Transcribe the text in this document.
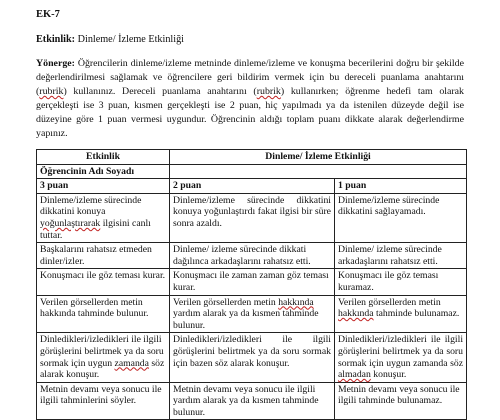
EK-7
Etkinlik: Dinleme/ İzleme Etkinliği
Yönerge: Öğrencilerin dinleme/izleme metninde dinleme/izleme ve konuşma becerilerini doğru bir şekilde değerlendirilmesi sağlamak ve öğrencilere geri bildirim vermek için bu dereceli puanlama anahtarını (rubrik) kullanınız. Dereceli puanlama anahtarını (rubrik) kullanırken; öğrenme hedefi tam olarak gerçekleşti ise 3 puan, kısmen gerçekleşti ise 2 puan, hiç yapılmadı ya da istenilen düzeyde değil ise düzeyine göre 1 puan vermesi uygundur. Öğrencinin aldığı toplam puanı dikkate alarak değerlendirme yapınız.
Etkinlik	Dinleme/ İzleme Etkinliği	
Öğrencinin Adı Soyadı		
3 puan	2 puan	1 puan
Dinleme/izleme sürecinde dikkatini konuya yoğunlaştırarak ilgisini canlı tuttar.	Dinleme/izleme sürecinde dikkatini konuya yoğunlaştırdı fakat ilgisi bir süre sonra azaldı.	Dinleme/izleme sürecinde dikkatini sağlayamadı.
Başkalarını rahatsız etmeden dinler/izler.	Dinleme/ izleme sürecinde dikkati dağılınca arkadaşlarını rahatsız etti.	Dinleme/ izleme sürecinde arkadaşlarını rahatsız etti.
Konuşmacı ile göz teması kurar.	Konuşmacı ile zaman zaman göz teması kurar.	Konuşmacı ile göz teması kuramaz.
Verilen görsellerden metin hakkında tahminde bulunur.	Verilen görsellerden metin hakkında yardım alarak ya da kısmen tahminde bulunur.	Verilen görsellerden metin hakkında tahminde bulunamaz.
Dinledikleri/izledikleri ile ilgili görüşlerini belirtmek ya da soru sormak için uygun zamanda söz alarak konuşur.	Dinledikleri/izledikleri ile ilgili görüşlerini belirtmek ya da soru sormak için bazen söz alarak konuşur.	Dinledikleri/izledikleri ile ilgili görüşlerini belirtmek ya da soru sormak için uygun zamanda söz almadan konuşur.
Metnin devamı veya sonucu ile ilgili tahminlerini söyler.	Metnin devamı veya sonucu ile ilgili yardım alarak ya da kısmen tahminde bulunur.	Metnin devamı veya sonucu ile ilgili tahminde bulunamaz.
